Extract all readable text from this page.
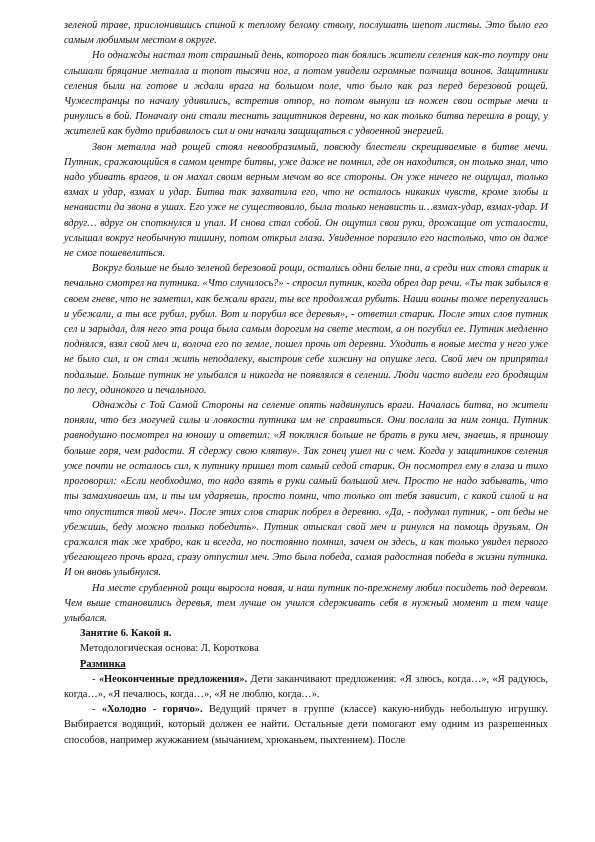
зеленой траве, прислонившись спиной к теплому белому стволу, послушать шепот листвы. Это было его самым любимым местом в округе.

Но однажды настал тот страшный день, которого так боялись жители селения как-то поутру они слышали бряцание металла и топот тысячи ног, а потом увидели огромные полчища воинов. Защитники селения были на готове и ждали врага на большом поле, что было как раз перед березовой рощей. Чужестранцы по началу удивились, встретив отпор, но потом вынули из ножен свои острые мечи и ринулись в бой. Поначалу они стали теснить защитников деревни, но как только битва перешла в рощу, у жителей как будто прибавилось сил и они начали защищаться с удвоенной энергией.

Звон металла над рощей стоял невообразимый, повсюду блестели скрещиваемые в битве мечи. Путник, сражающийся в самом центре битвы, уже даже не помнил, где он находится, он только знал, что надо убивать врагов, и он махал своим верным мечом во все стороны. Он уже ничего не ощущал, только взмах и удар, взмах и удар. Битва так захватила его, что не осталось никаких чувств, кроме злобы и ненависти да звона в ушах. Его уже не существовало, была только ненависть и…взмах-удар, взмах-удар. И вдруг… вдруг он споткнулся и упал. И снова стал собой. Он ощутил свои руки, дрожащие от усталости, услышал вокруг необычную тишину, потом открыл глаза. Увиденное поразило его настолько, что он даже не смог пошевелиться.

Вокруг больше не было зеленой березовой рощи, остались одни белые пни, а среди них стоял старик и печально смотрел на путника. «Что случилось?» - спросил путник, когда обрел дар речи. «Ты так забылся в своем гневе, что не заметил, как бежали враги, ты все продолжал рубить. Наши воины тоже перепугались и убежали, а ты все рубил, рубил. Вот и порубил все деревья», - ответил старик. После этих слов путник сел и зарыдал, для него эта роща была самым дорогим на свете местом, а он погубил ее. Путник медленно поднялся, взял свой меч и, волоча его по земле, пошел прочь от деревни. Уходить в новые места у него уже не было сил, и он стал жить неподалеку, выстроив себе хижину на опушке леса. Свой меч он припрятал подальше. Больше путник не улыбался и никогда не появлялся в селении. Люди часто видели его бродящим по лесу, одинокого и печального.

Однажды с Той Самой Стороны на селение опять надвинулись враги. Началась битва, но жители поняли, что без могучей силы и ловкости путника им не справиться. Они послали за ним гонца. Путник равнодушно посмотрел на юношу и ответил: «Я поклялся больше не брать в руки меч, знаешь, я приношу больше горя, чем радости. Я сдержу свою клятву». Так гонец ушел ни с чем. Когда у защитников селения уже почти не осталось сил, к путнику пришел тот самый седой старик. Он посмотрел ему в глаза и тихо проговорил: «Если необходимо, то надо взять в руки самый большой меч. Просто не надо забывать, что ты замахиваешь им, и ты им ударяешь, просто помни, что только от тебя зависит, с какой силой и на что опустится твой меч». После этих слов старик побрел в деревню. «Да, - подумал путник, - от беды не убежишь, беду можно только победить». Путник отыскал свой меч и ринулся на помощь друзьям. Он сражался так же храбро, как и всегда, но постоянно помнил, зачем он здесь, и как только увидел первого убегающего прочь врага, сразу отпустил меч. Это была победа, самая радостная победа в жизни путника. И он вновь улыбнулся.

На месте срубленной рощи выросла новая, и наш путник по-прежнему любил посидеть под деревом. Чем выше становились деревья, тем лучше он учился сдерживать себя в нужный момент и тем чаще улыбался.

Занятие 6. Какой я.

Методологическая основа: Л. Коротковa

Разминка

- «Неоконченные предложения». Дети заканчивают предложения: «Я злюсь, когда…», «Я радуюсь, когда…», «Я печалюсь, когда…», «Я не люблю, когда…».

- «Холодно - горячо». Ведущий прячет в группе (классе) какую-нибудь небольшую игрушку. Выбирается водящий, который должен ее найти. Остальные дети помогают ему одним из разрешенных способов, например жужжанием (мычанием, хрюканьем, пыхтением). После
